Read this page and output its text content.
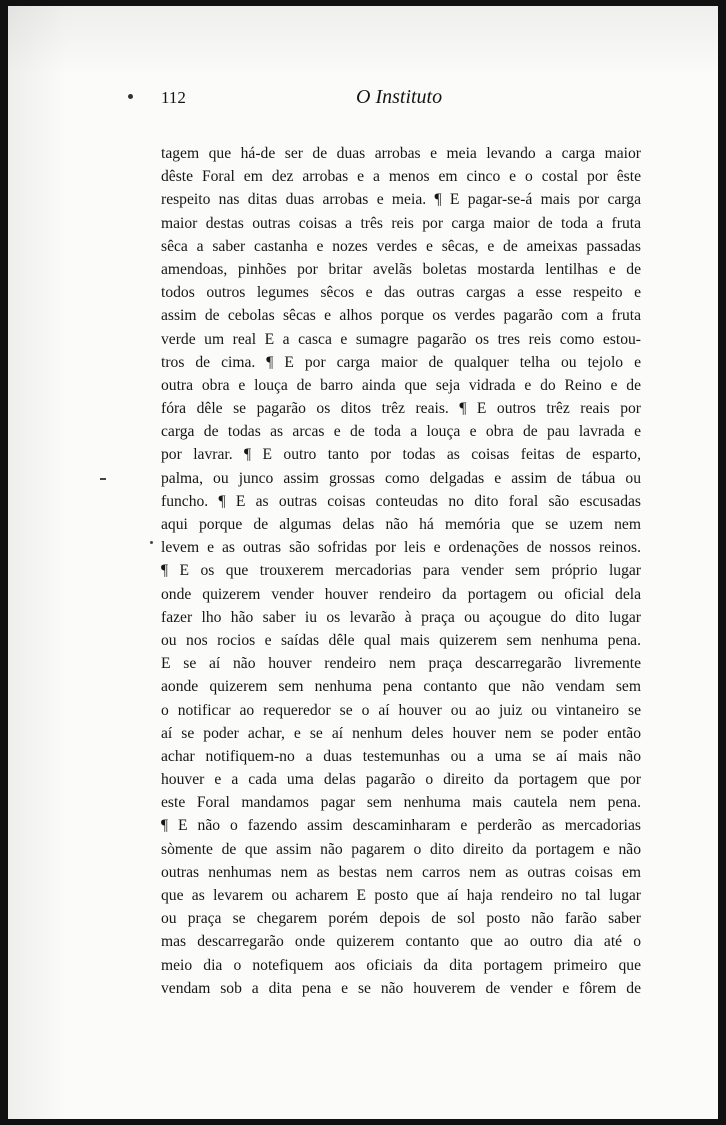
112	O Instituto
tagem que há-de ser de duas arrobas e meia levando a carga maior
dêste Foral em dez arrobas e a menos em cinco e o costal por êste
respeito nas ditas duas arrobas e meia. ¶ E pagar-se-á mais por carga
maior destas outras coisas a três reis por carga maior de toda a fruta
sêca a saber castanha e nozes verdes e sêcas, e de ameixas passadas
amendoas, pinhões por britar avelãs boletas mostarda lentilhas e de
todos outros legumes sêcos e das outras cargas a esse respeito e
assim de cebolas sêcas e alhos porque os verdes pagarão com a fruta
verde um real E a casca e sumagre pagarão os tres reis como estou-
tros de cima. ¶ E por carga maior de qualquer telha ou tejolo e
outra obra e louça de barro ainda que seja vidrada e do Reino e de
fóra dêle se pagarão os ditos trêz reais. ¶ E outros trêz reais por
carga de todas as arcas e de toda a louça e obra de pau lavrada e
por lavrar. ¶ E outro tanto por todas as coisas feitas de esparto,
palma, ou junco assim grossas como delgadas e assim de tábua ou
funcho. ¶ E as outras coisas conteudas no dito foral são escusadas
aqui porque de algumas delas não há memória que se uzem nem
levem e as outras são sofridas por leis e ordenações de nossos reinos.
¶ E os que trouxerem mercadorias para vender sem próprio lugar
onde quizerem vender houver rendeiro da portagem ou oficial dela
fazer lho hão saber iu os levarão à praça ou açougue do dito lugar
ou nos rocios e saídas dêle qual mais quizerem sem nenhuma pena.
E se aí não houver rendeiro nem praça descarregarão livremente
aonde quizerem sem nenhuma pena contanto que não vendam sem
o notificar ao requeredor se o aí houver ou ao juiz ou vintaneiro se
aí se poder achar, e se aí nenhum deles houver nem se poder então
achar notifiquem-no a duas testemunhas ou a uma se aí mais não
houver e a cada uma delas pagarão o direito da portagem que por
este Foral mandamos pagar sem nenhuma mais cautela nem pena.
¶ E não o fazendo assim descaminharam e perderão as mercadorias
sòmente de que assim não pagarem o dito direito da portagem e não
outras nenhumas nem as bestas nem carros nem as outras coisas em
que as levarem ou acharem E posto que aí haja rendeiro no tal lugar
ou praça se chegarem porém depois de sol posto não farão saber
mas descarregarão onde quizerem contanto que ao outro dia até o
meio dia o notefiquem aos oficiais da dita portagem primeiro que
vendam sob a dita pena e se não houverem de vender e fôrem de
